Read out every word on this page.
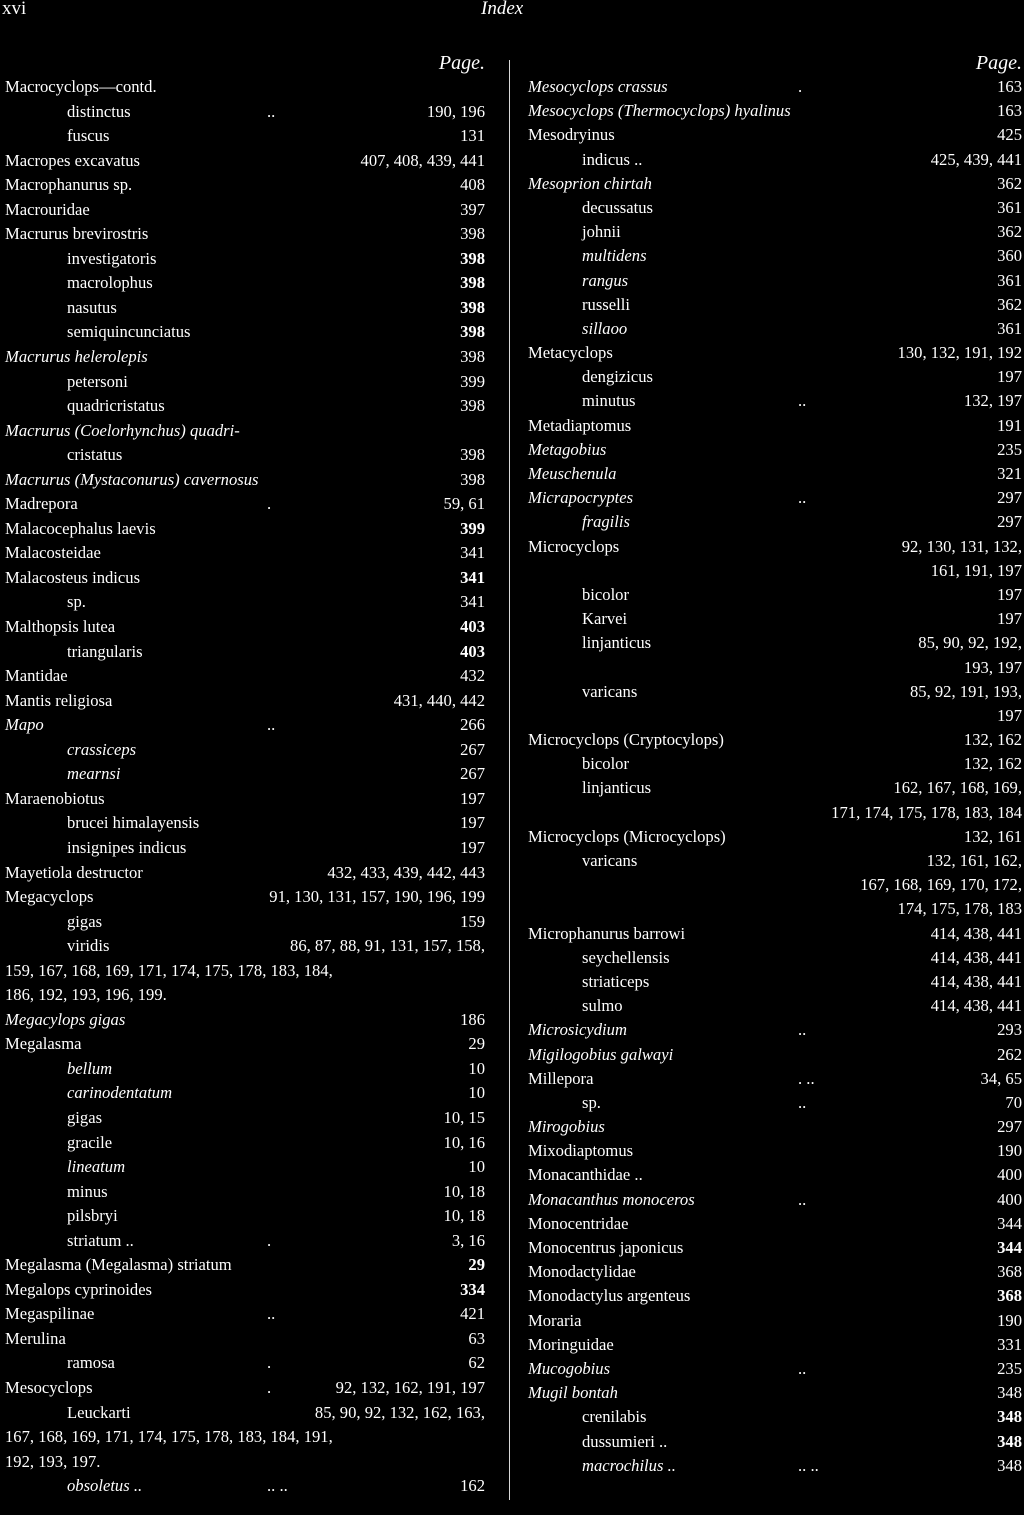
xvi	Index
Page.
Macrocyclops—contd.
distinctus	..	190, 196
fuscus	131
Macropes excavatus	407, 408, 439, 441
Macrophanurus sp.	408
Macrouridae	397
Macrurus brevirostris	398
investigatoris	398
macrolophus	398
nasutus	398
semiquincunciatus	398
Macrurus helerolepis	398
petersoni	399
quadricristatus	398
Macrurus (Coelorhynchus) quadri-
cristatus	398
Macrurus (Mystaconurus) cavernosus	398
Madrepora	.	59, 61
Malacocephalus laevis	399
Malacosteidae	341
Malacosteus indicus	341
sp.	341
Malthopsis lutea	403
triangularis	403
Mantidae	432
Mantis religiosa	431, 440, 442
Mapo	..	266
crassiceps	267
mearnsi	267
Maraenobiotus	197
brucei himalayensis	197
insignipes indicus	197
Mayetiola destructor	432, 433, 439, 442, 443
Megacyclops	91, 130, 131, 157, 190, 196, 199
gigas	159
viridis	86, 87, 88, 91, 131, 157, 158,
159, 167, 168, 169, 171, 174, 175, 178, 183, 184,
186, 192, 193, 196, 199.
Megacylops gigas	186
Megalasma	29
bellum	10
carinodentatum	10
gigas	10, 15
gracile	10, 16
lineatum	10
minus	10, 18
pilsbryi	10, 18
striatum ..	.	3, 16
Megalasma (Megalasma) striatum	29
Megalops cyprinoides	334
Megaspilinae	..	421
Merulina	63
ramosa	.	62
Mesocyclops	.	92, 132, 162, 191, 197
Leuckarti	85, 90, 92, 132, 162, 163,
167, 168, 169, 171, 174, 175, 178, 183, 184, 191,
192, 193, 197.
obsoletus ..	.. ..	162
Page.
Mesocyclops crassus	.	163
Mesocyclops (Thermocyclops) hyalinus	163
Mesodryinus	425
indicus ..	425, 439, 441
Mesoprion chirtah	362
decussatus	361
johnii	362
multidens	360
rangus	361
russelli	362
sillaoo	361
Metacyclops	130, 132, 191, 192
dengizicus	197
minutus	..	132, 197
Metadiaptomus	191
Metagobius	235
Meuschenula	321
Micrapocryptes	..	297
fragilis	297
Microcyclops	92, 130, 131, 132,
161, 191, 197
bicolor	197
Karvei	197
linjanticus	85, 90, 92, 192,
193, 197
varicans	85, 92, 191, 193,
197
Microcyclops (Cryptocylops)	132, 162
bicolor	132, 162
linjanticus	162, 167, 168, 169,
171, 174, 175, 178, 183, 184
Microcyclops (Microcyclops)	132, 161
varicans	132, 161, 162,
167, 168, 169, 170, 172,
174, 175, 178, 183
Microphanurus barrowi	414, 438, 441
seychellensis	414, 438, 441
striaticeps	414, 438, 441
sulmo	414, 438, 441
Microsicydium	..	293
Migilogobius galwayi	262
Millepora	. ..	34, 65
sp.	..	70
Mirogobius	297
Mixodiaptomus	190
Monacanthidae ..	400
Monacanthus monoceros	..	400
Monocentridae	344
Monocentrus japonicus	344
Monodactylidae	368
Monodactylus argenteus	368
Moraria	190
Moringuidae	331
Mucogobius	..	235
Mugil bontah	348
crenilabis	348
dussumieri ..	348
macrochilus ..	.. ..	348
